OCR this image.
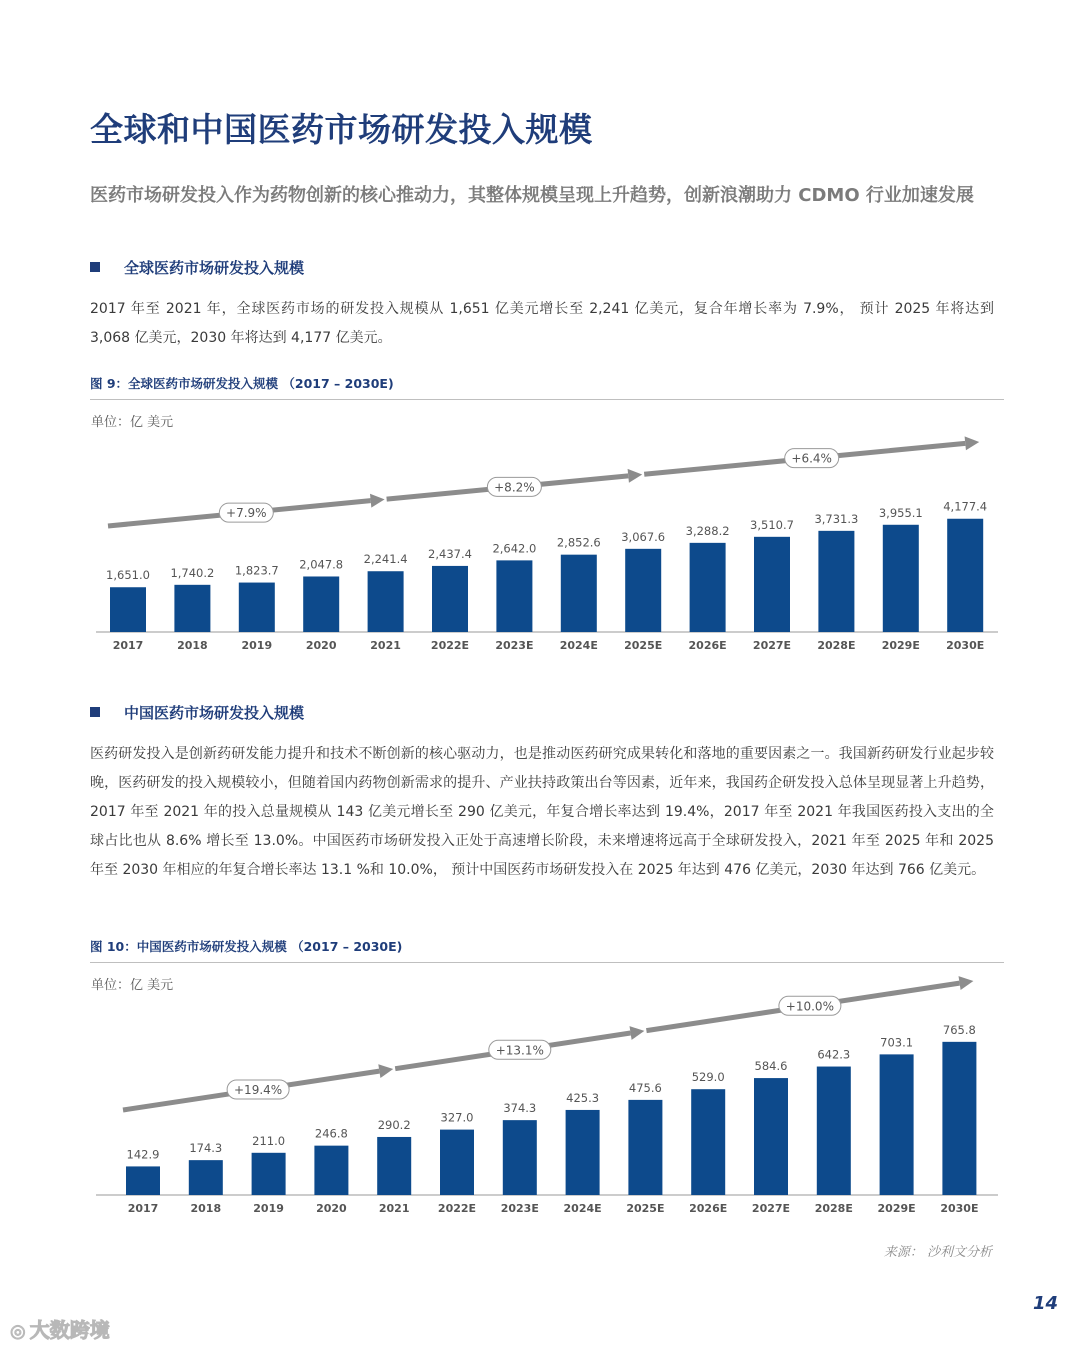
全球和中国医药市场研发投入规模

医药市场研发投入作为药物创新的核心推动力，其整体规模呈现上升趋势，创新浪潮助力 CDMO 行业加速发展

全球医药市场研发投入规模

2017 年至 2021 年，全球医药市场的研发投入规模从 1,651 亿美元增长至 2,241 亿美元，复合年增长率为 7.9%， 预计 2025 年将达到 3,068 亿美元，2030 年将达到 4,177 亿美元。

图 9：全球医药市场研发投入规模 （2017 – 2030E)
单位：亿 美元
1,651.0
2017
1,740.2
2018
1,823.7
2019
2,047.8
2020
2,241.4
2021
2,437.4
2022E
2,642.0
2023E
2,852.6
2024E
3,067.6
2025E
3,288.2
2026E
3,510.7
2027E
3,731.3
2028E
3,955.1
2029E
4,177.4
2030E
+7.9%
+8.2%
+6.4%
中国医药市场研发投入规模

医药研发投入是创新药研发能力提升和技术不断创新的核心驱动力，也是推动医药研究成果转化和落地的重要因素之一。我国新药研发行业起步较晚，医药研发的投入规模较小，但随着国内药物创新需求的提升、产业扶持政策出台等因素，近年来，我国药企研发投入总体呈现显著上升趋势，2017 年至 2021 年的投入总量规模从 143 亿美元增长至 290 亿美元，年复合增长率达到 19.4%，2017 年至 2021 年我国医药投入支出的全球占比也从 8.6% 增长至 13.0%。中国医药市场研发投入正处于高速增长阶段，未来增速将远高于全球研发投入，2021 年至 2025 年和 2025 年至 2030 年相应的年复合增长率达 13.1 %和 10.0%， 预计中国医药市场研发投入在 2025 年达到 476 亿美元，2030 年达到 766 亿美元。

图 10：中国医药市场研发投入规模 （2017 – 2030E)
单位：亿 美元
142.9
2017
174.3
2018
211.0
2019
246.8
2020
290.2
2021
327.0
2022E
374.3
2023E
425.3
2024E
475.6
2025E
529.0
2026E
584.6
2027E
642.3
2028E
703.1
2029E
765.8
2030E
+19.4%
+13.1%
+10.0%
来源： 沙利文分析
14
◎ 大数跨境
